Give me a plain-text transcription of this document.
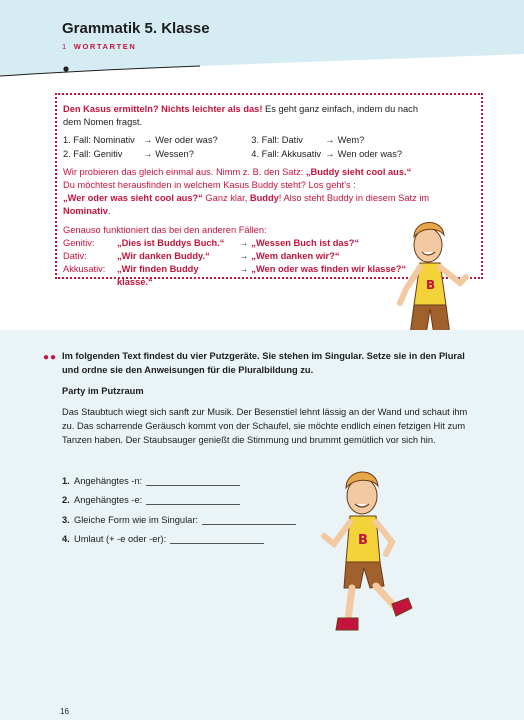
Grammatik 5. Klasse
1 WORTARTEN

Den Kasus ermitteln? Nichts leichter als das! Es geht ganz einfach, indem du nach dem Nomen fragst.

1. Fall: Nominativ → Wer oder was?	3. Fall: Dativ	→ Wem?
2. Fall: Genitiv	→ Wessen?	4. Fall: Akkusativ → Wen oder was?

Wir probieren das gleich einmal aus. Nimm z. B. den Satz: „Buddy sieht cool aus.“
Du möchtest herausfinden in welchem Kasus Buddy steht? Los geht’s :
„Wer oder was sieht cool aus?“ Ganz klar, Buddy! Also steht Buddy in diesem Satz im Nominativ.

Genauso funktioniert das bei den anderen Fällen:

Genitiv:	„Dies ist Buddys Buch.“	→ „Wessen Buch ist das?“
Dativ:	„Wir danken Buddy.“	→ „Wem danken wir?“
Akkusativ:	„Wir finden Buddy klasse.“
→ „Wen oder was finden wir klasse?“
B
●● Im folgenden Text findest du vier Putzgeräte. Sie stehen im Singular. Setze sie in den Plural und ordne sie den Anweisungen für die Pluralbildung zu.
Party im Putzraum
Das Staubtuch wiegt sich sanft zur Musik. Der Besenstiel lehnt lässig an der Wand und schaut ihm zu. Das scharrende Geräusch kommt von der Schaufel, sie möchte endlich einen fetzigen Hit zum Tanzen haben. Der Staubsauger genießt die Stimmung und brummt gemütlich vor sich hin.
1. Angehängtes -n:
2. Angehängtes -e:
3. Gleiche Form wie im Singular:
4. Umlaut (+ -e oder -er):	B
16
